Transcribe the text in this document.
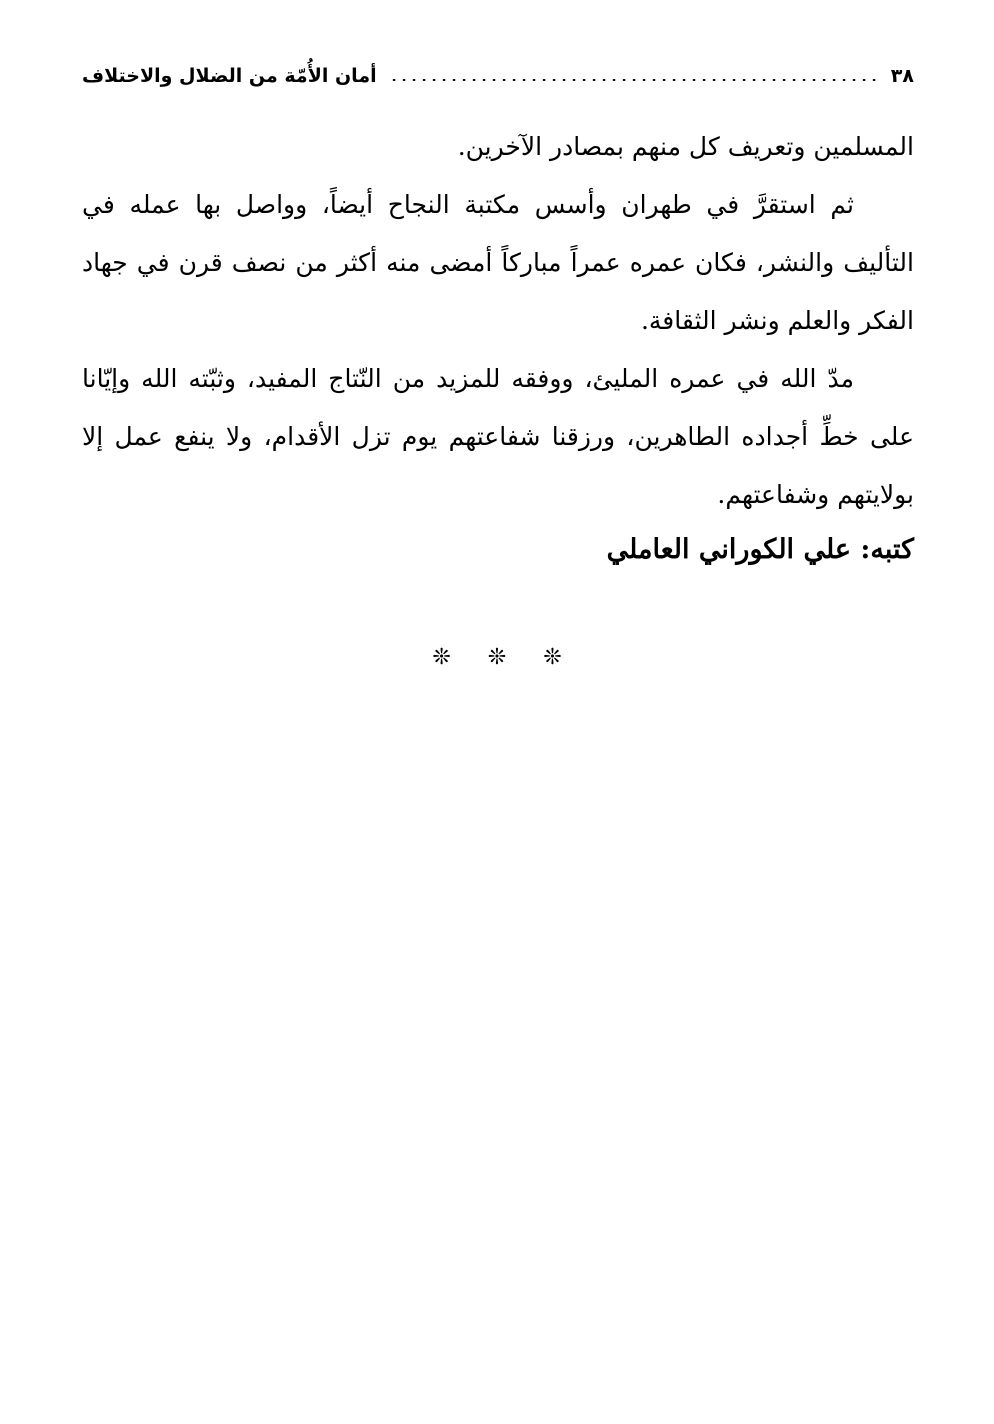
٣٨
أمان الأُمّة من الضلال والاختلاف

المسلمين وتعريف كل منهم بمصادر الآخرين.

ثم استقرَّ في طهران وأسس مكتبة النجاح أيضاً، وواصل بها عمله في التأليف والنشر، فكان عمره عمراً مباركاً أمضى منه أكثر من نصف قرن في جهاد الفكر والعلم ونشر الثقافة.

مدّ الله في عمره المليئ، ووفقه للمزيد من النّتاج المفيد، وثبّته الله وإيّانا على خطِّ أجداده الطاهرين، ورزقنا شفاعتهم يوم تزل الأقدام، ولا ينفع عمل إلا بولايتهم وشفاعتهم.

كتبه: علي الكوراني العاملي
❊ ❊ ❊
